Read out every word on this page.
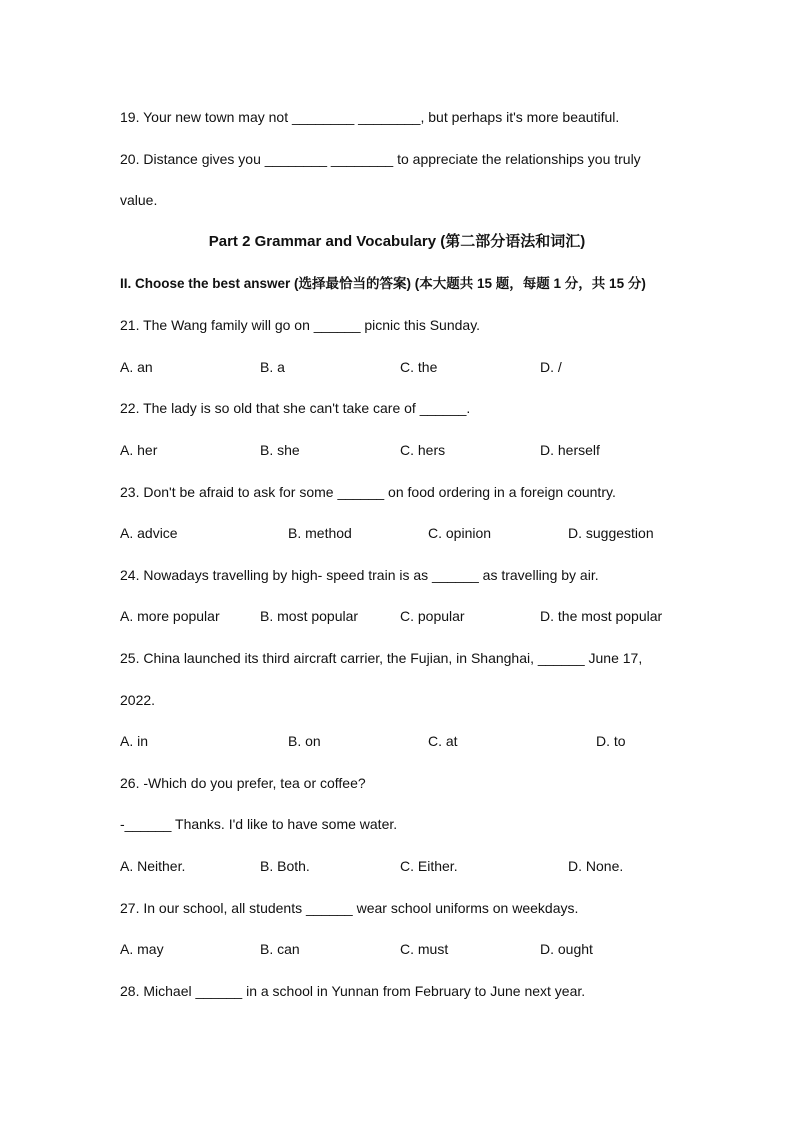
19. Your new town may not ________ ________, but perhaps it's more beautiful.
20. Distance gives you ________ ________ to appreciate the relationships you truly
value.
Part 2 Grammar and Vocabulary (第二部分语法和词汇)
II. Choose the best answer (选择最恰当的答案) (本大题共 15 题，每题 1 分，共 15 分)
21. The Wang family will go on ______ picnic this Sunday.
A. an	B. a	C. the	D. /
22. The lady is so old that she can't take care of ______.
A. her	B. she	C. hers	D. herself
23. Don't be afraid to ask for some ______ on food ordering in a foreign country.
A. advice	B. method	C. opinion	D. suggestion
24. Nowadays travelling by high- speed train is as ______ as travelling by air.
A. more popular	B. most popular	C. popular	D. the most popular
25. China launched its third aircraft carrier, the Fujian, in Shanghai, ______ June 17,
2022.
A. in	B. on	C. at	D. to
26. -Which do you prefer, tea or coffee?
-______ Thanks. I'd like to have some water.
A. Neither.	B. Both.	C. Either.	D. None.
27. In our school, all students ______ wear school uniforms on weekdays.
A. may	B. can	C. must	D. ought
28. Michael ______ in a school in Yunnan from February to June next year.
